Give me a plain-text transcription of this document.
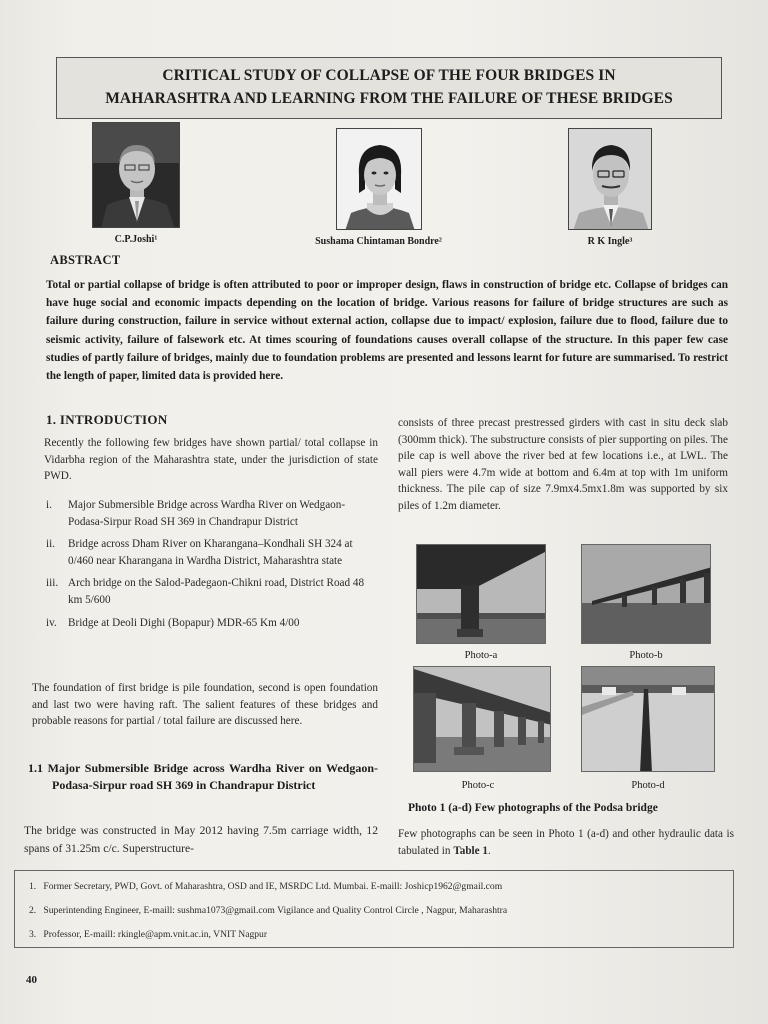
CRITICAL STUDY OF COLLAPSE OF THE FOUR BRIDGES IN
MAHARASHTRA AND LEARNING FROM THE FAILURE OF THESE BRIDGES
C.P.Joshi¹	Sushama Chintaman Bondre²	R K Ingle³
ABSTRACT
Total or partial collapse of bridge is often attributed to poor or improper design, flaws in construction of bridge etc. Collapse of bridges can have huge social and economic impacts depending on the location of bridge. Various reasons for failure of bridge structures are such as failure during construction, failure in service without external action, collapse due to impact/ explosion, failure due to flood, failure due to seismic activity, failure of falsework etc. At times scouring of foundations causes overall collapse of the structure. In this paper few case studies of partly failure of bridges, mainly due to foundation problems are presented and lessons learnt for future are summarised. To restrict the length of paper, limited data is provided here.
1. INTRODUCTION
Recently the following few bridges have shown partial/ total collapse in Vidarbha region of the Maharashtra state, under the jurisdiction of state PWD.
i. Major Submersible Bridge across Wardha River on Wedgaon-Podasa-Sirpur Road SH 369 in Chandrapur District
ii. Bridge across Dham River on Kharangana–Kondhali SH 324 at 0/460 near Kharangana in Wardha District, Maharashtra state
iii. Arch bridge on the Salod-Padegaon-Chikni road, District Road 48 km 5/600
iv. Bridge at Deoli Dighi (Bopapur) MDR-65 Km 4/00
The foundation of first bridge is pile foundation, second is open foundation and last two were having raft. The salient features of these bridges and probable reasons for partial / total failure are discussed here.
1.1 Major Submersible Bridge across Wardha River on Wedgaon-Podasa-Sirpur road SH 369 in Chandrapur District
The bridge was constructed in May 2012 having 7.5m carriage width, 12 spans of 31.25m c/c. Superstructure-
consists of three precast prestressed girders with cast in situ deck slab (300mm thick). The substructure consists of pier supporting on piles. The pile cap is well above the river bed at few locations i.e., at LWL. The wall piers were 4.7m wide at bottom and 6.4m at top with 1m uniform thickness. The pile cap of size 7.9mx4.5mx1.8m was supported by six piles of 1.2m diameter.
Photo-a	Photo-b
Photo-c	Photo-d
Photo 1 (a-d) Few photographs of the Podsa bridge
Few photographs can be seen in Photo 1 (a-d) and other hydraulic data is tabulated in Table 1.
1. Former Secretary, PWD, Govt. of Maharashtra, OSD and IE, MSRDC Ltd. Mumbai. E-maill: Joshicp1962@gmail.com
2. Superintending Engineer, E-maill: sushma1073@gmail.com Vigilance and Quality Control Circle , Nagpur, Maharashtra
3. Professor, E-maill: rkingle@apm.vnit.ac.in, VNIT Nagpur
40
